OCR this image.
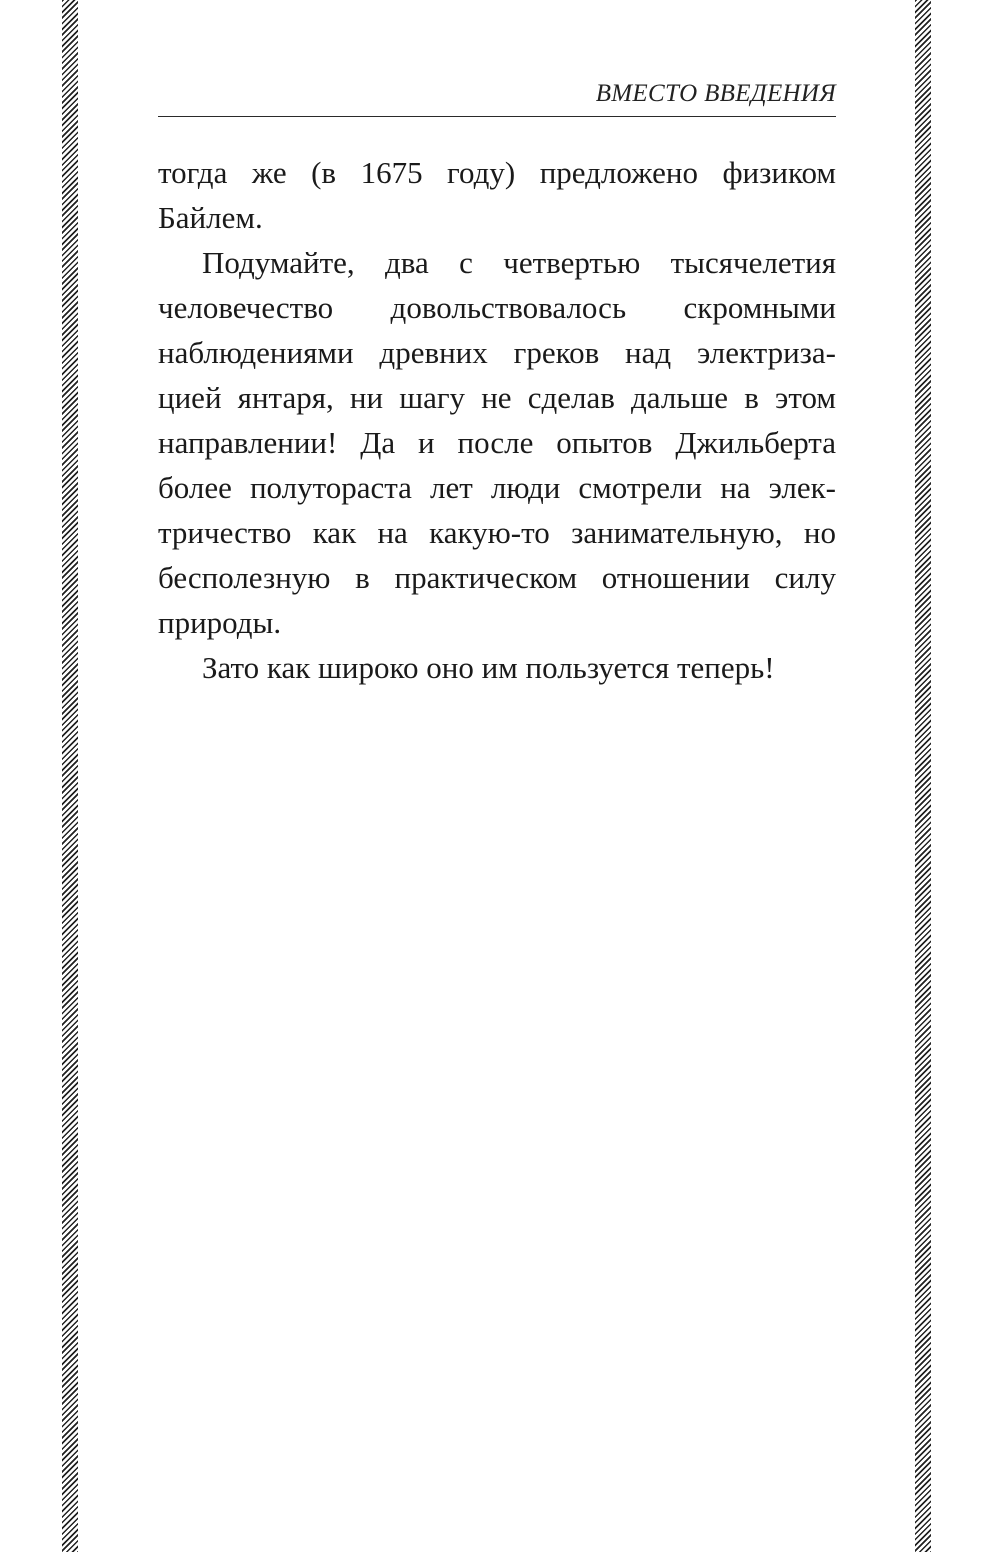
ВМЕСТО ВВЕДЕНИЯ
тогда же (в 1675 году) предложено физиком
Байлем.
Подумайте, два с четвертью тысячелетия
человечество довольствовалось скромными
наблюдениями древних греков над электриза-
цией янтаря, ни шагу не сделав дальше в этом
направлении! Да и после опытов Джильберта
более полутораста лет люди смотрели на элек-
тричество как на какую-то занимательную, но
бесполезную в практическом отношении силу
природы.
Зато как широко оно им пользуется теперь!
